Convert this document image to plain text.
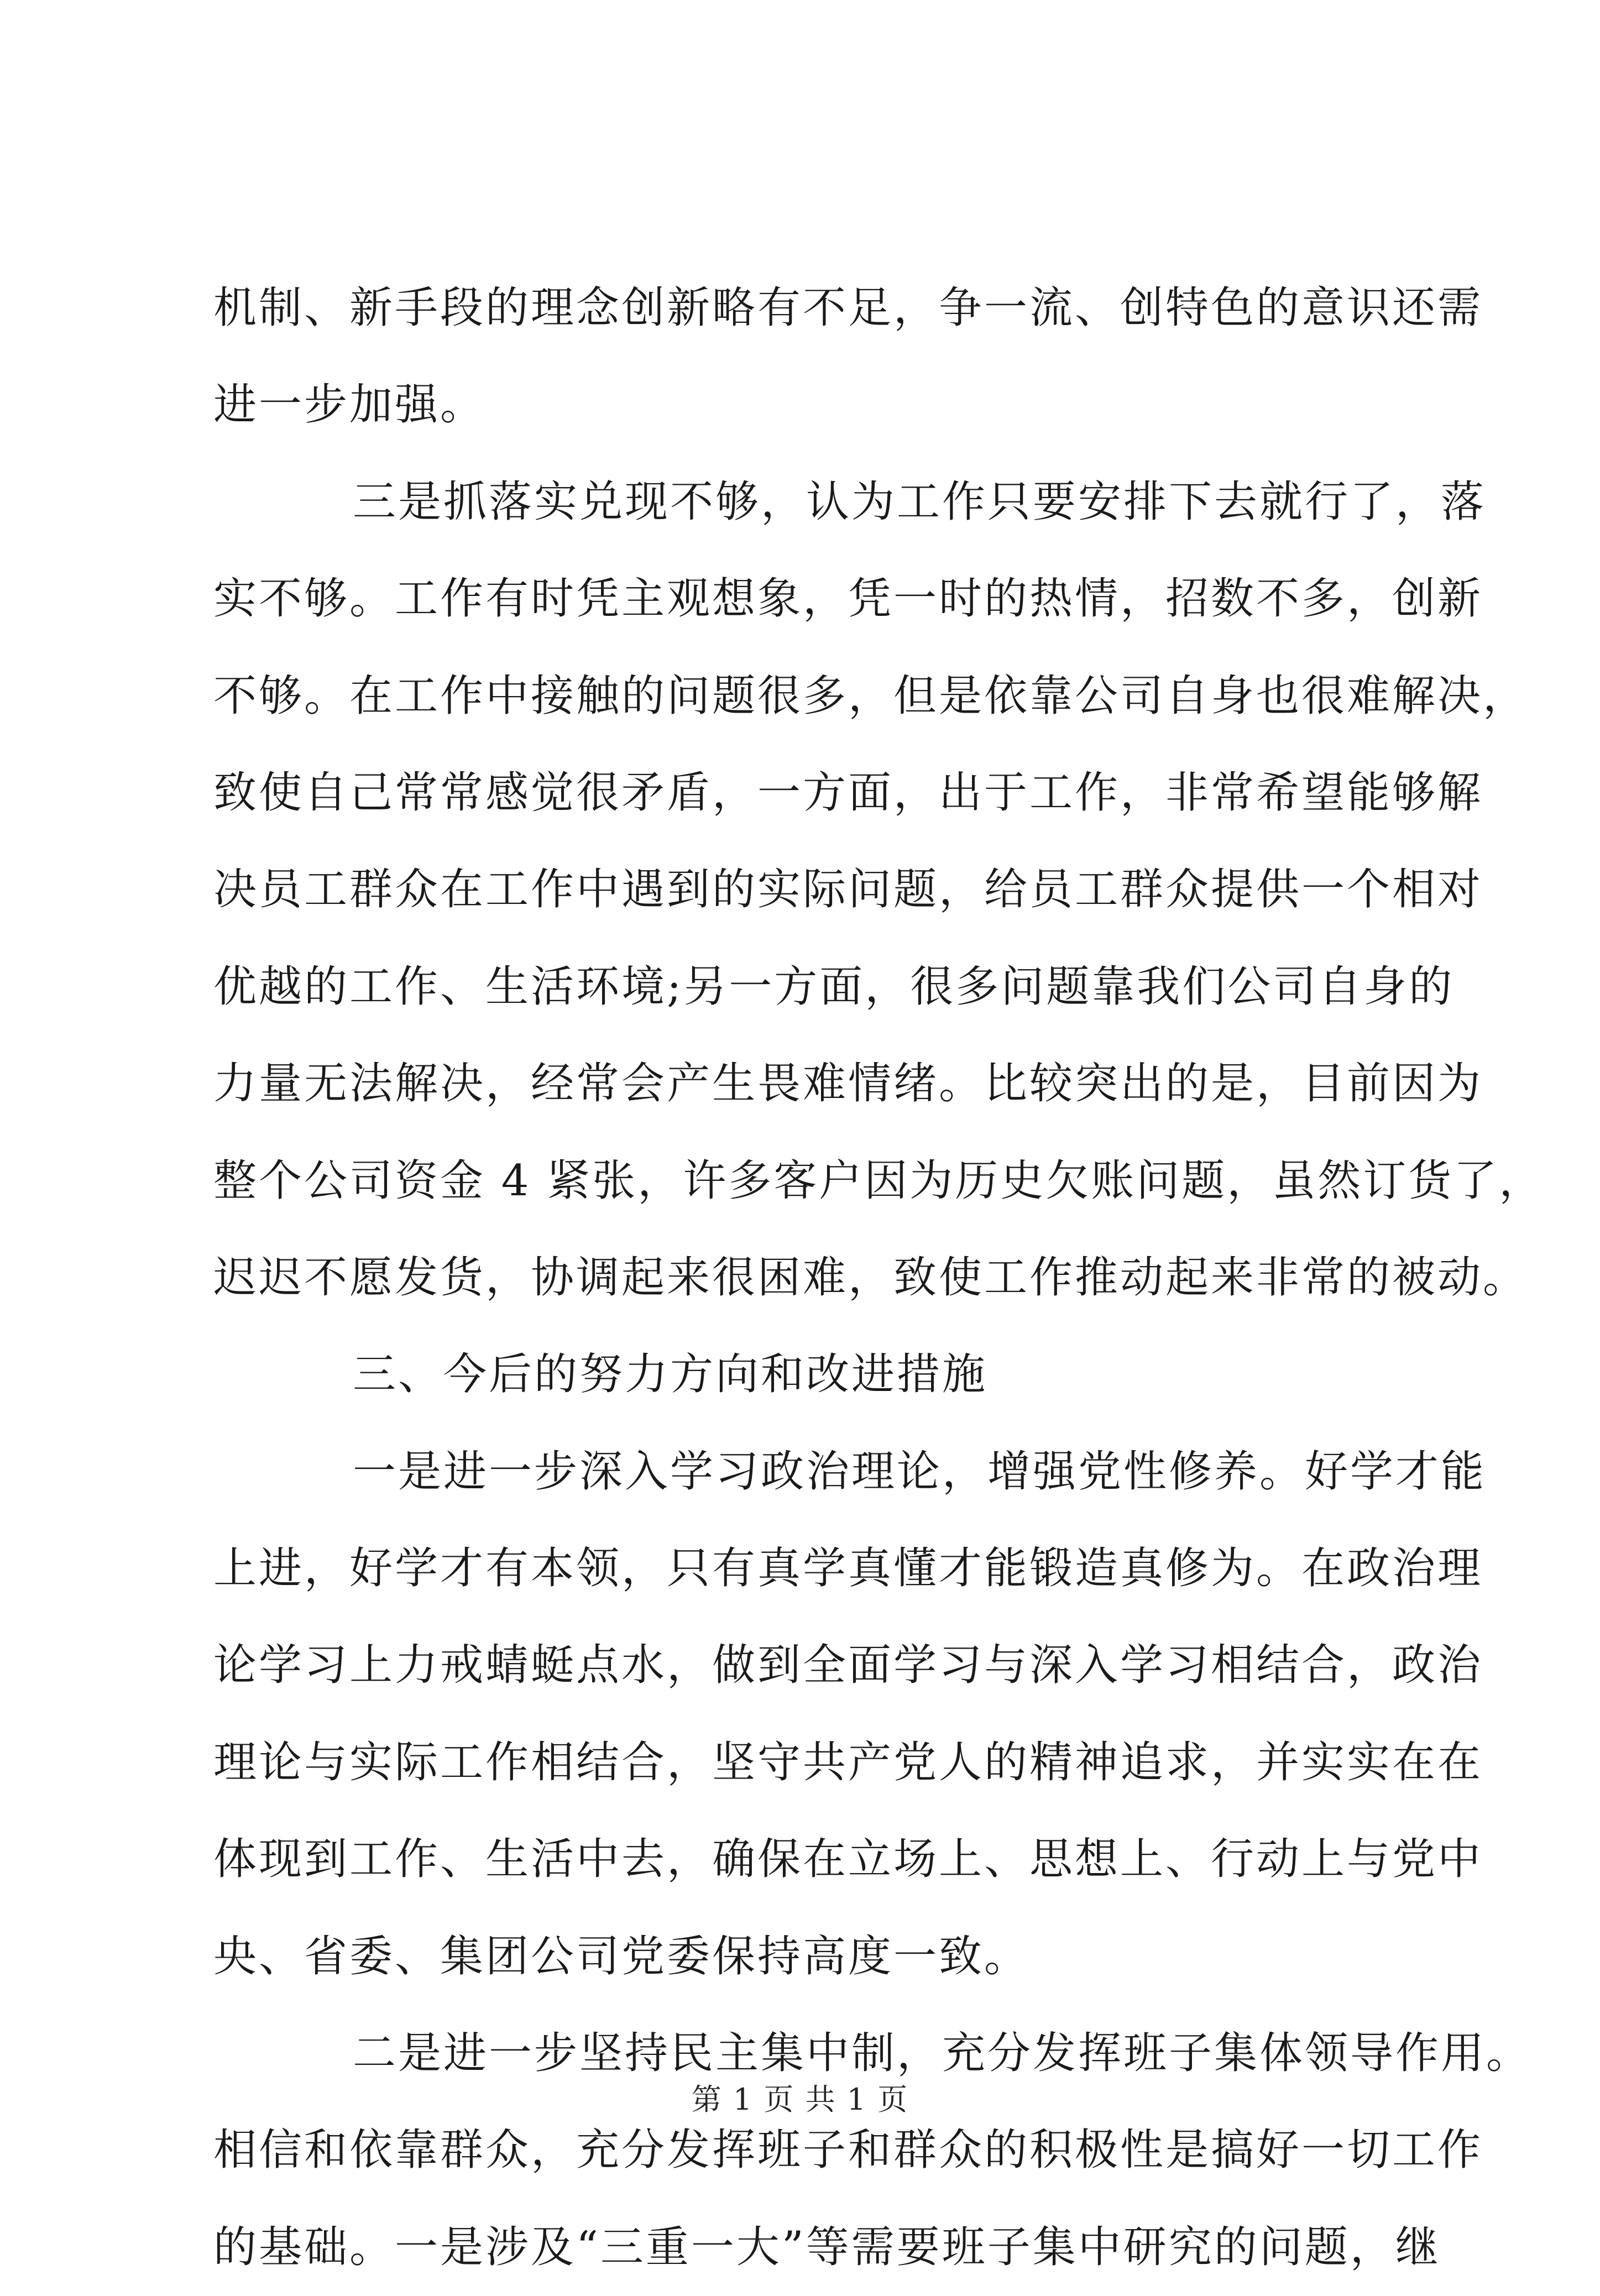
机制、新手段的理念创新略有不足，争一流、创特色的意识还需
进一步加强。
三是抓落实兑现不够，认为工作只要安排下去就行了，落
实不够。工作有时凭主观想象，凭一时的热情，招数不多，创新
不够。在工作中接触的问题很多，但是依靠公司自身也很难解决，
致使自己常常感觉很矛盾，一方面，出于工作，非常希望能够解
决员工群众在工作中遇到的实际问题，给员工群众提供一个相对
优越的工作、生活环境;另一方面，很多问题靠我们公司自身的
力量无法解决，经常会产生畏难情绪。比较突出的是，目前因为
整个公司资金 4 紧张，许多客户因为历史欠账问题，虽然订货了，
迟迟不愿发货，协调起来很困难，致使工作推动起来非常的被动。
三、今后的努力方向和改进措施
一是进一步深入学习政治理论，增强党性修养。好学才能
上进，好学才有本领，只有真学真懂才能锻造真修为。在政治理
论学习上力戒蜻蜓点水，做到全面学习与深入学习相结合，政治
理论与实际工作相结合，坚守共产党人的精神追求，并实实在在
体现到工作、生活中去，确保在立场上、思想上、行动上与党中
央、省委、集团公司党委保持高度一致。
二是进一步坚持民主集中制，充分发挥班子集体领导作用。
相信和依靠群众，充分发挥班子和群众的积极性是搞好一切工作
的基础。一是涉及“三重一大”等需要班子集中研究的问题，继
第 1 页 共 1 页
